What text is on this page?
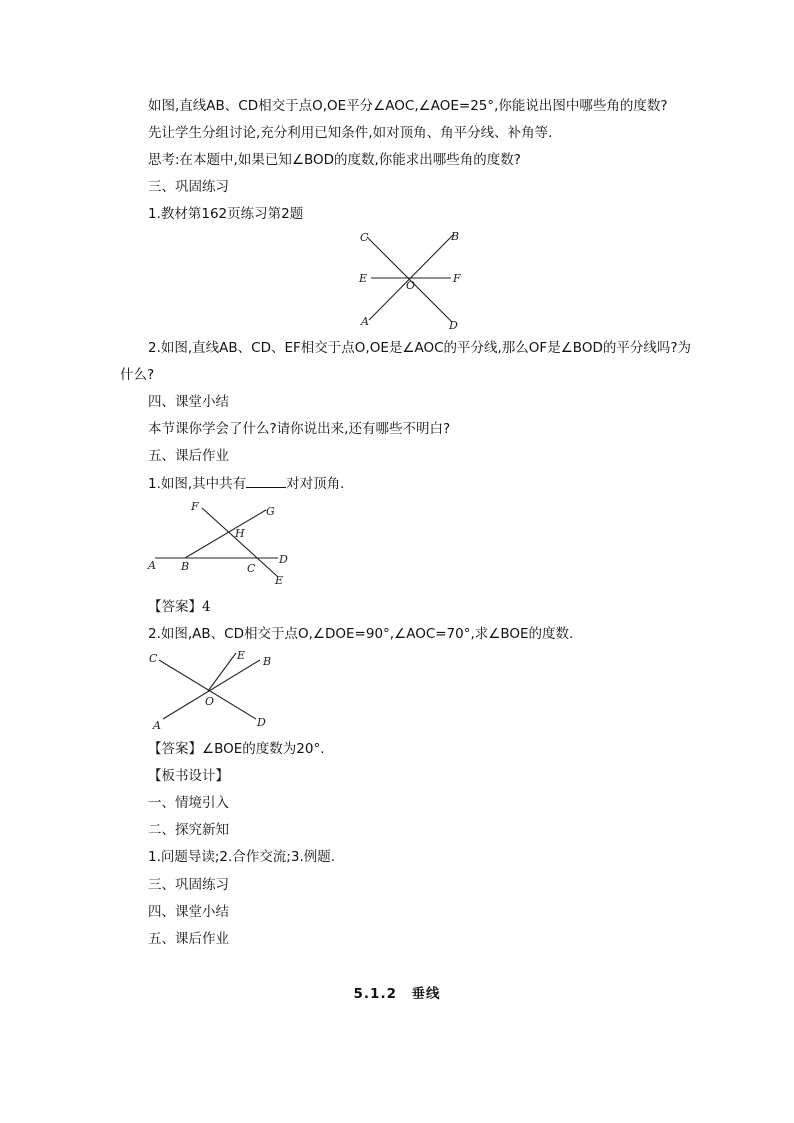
如图,直线AB、CD相交于点O,OE平分∠AOC,∠AOE=25°,你能说出图中哪些角的度数?
先让学生分组讨论,充分利用已知条件,如对顶角、角平分线、补角等.
思考:在本题中,如果已知∠BOD的度数,你能求出哪些角的度数?
三、巩固练习
1.教材第162页练习第2题
C	B
E
O
F
A	D
2.如图,直线AB、CD、EF相交于点O,OE是∠AOC的平分线,那么OF是∠BOD的平分线吗?为
什么?
四、课堂小结
本节课你学会了什么?请你说出来,还有哪些不明白?
五、课后作业
1.如图,其中共有	对对顶角.
F	G
H
A B	C
D
E
【答案】4
2.如图,AB、CD相交于点O,∠DOE=90°,∠AOC=70°,求∠BOE的度数.
C	E B
O
A	D
【答案】∠BOE的度数为20°.
【板书设计】
一、情境引入
二、探究新知
1.问题导读;2.合作交流;3.例题.
三、巩固练习
四、课堂小结
五、课后作业
5.1.2　垂线
